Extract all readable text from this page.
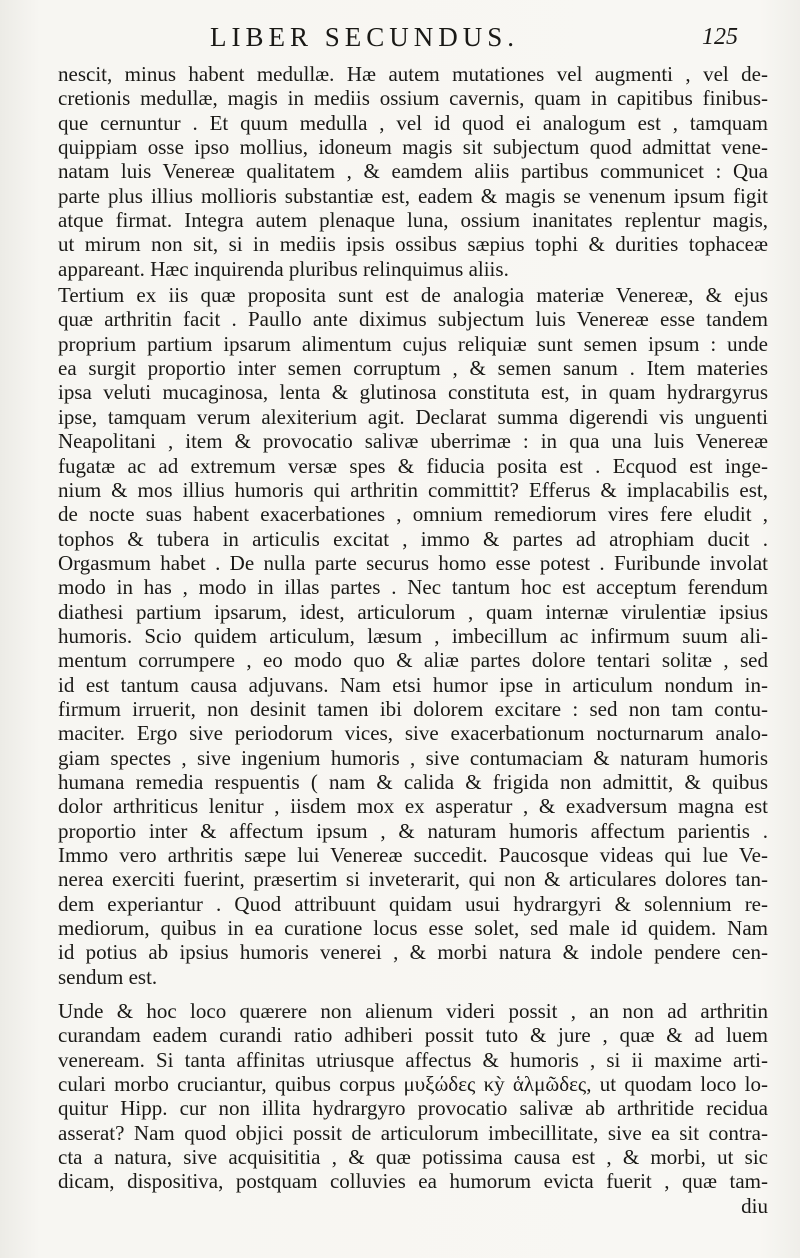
LIBER SECUNDUS.	125
nescit, minus habent medullæ. Hæ autem mutationes vel augmenti , vel de-
cretionis medullæ, magis in mediis ossium cavernis, quam in capitibus finibus-
que cernuntur . Et quum medulla , vel id quod ei analogum est , tamquam
quippiam osse ipso mollius, idoneum magis sit subjectum quod admittat vene-
natam luis Venereæ qualitatem , & eamdem aliis partibus communicet : Qua
parte plus illius mollioris substantiæ est, eadem & magis se venenum ipsum figit
atque firmat. Integra autem plenaque luna, ossium inanitates replentur magis,
ut mirum non sit, si in mediis ipsis ossibus sæpius tophi & durities tophaceæ
appareant. Hæc inquirenda pluribus relinquimus aliis.
Tertium ex iis quæ proposita sunt est de analogia materiæ Venereæ, & ejus
quæ arthritin facit . Paullo ante diximus subjectum luis Venereæ esse tandem
proprium partium ipsarum alimentum cujus reliquiæ sunt semen ipsum : unde
ea surgit proportio inter semen corruptum , & semen sanum . Item materies
ipsa veluti mucaginosa, lenta & glutinosa constituta est, in quam hydrargyrus
ipse, tamquam verum alexiterium agit. Declarat summa digerendi vis unguenti
Neapolitani , item & provocatio salivæ uberrimæ : in qua una luis Venereæ
fugatæ ac ad extremum versæ spes & fiducia posita est . Ecquod est inge-
nium & mos illius humoris qui arthritin committit? Efferus & implacabilis est,
de nocte suas habent exacerbationes , omnium remediorum vires fere eludit ,
tophos & tubera in articulis excitat , immo & partes ad atrophiam ducit .
Orgasmum habet . De nulla parte securus homo esse potest . Furibunde involat
modo in has , modo in illas partes . Nec tantum hoc est acceptum ferendum
diathesi partium ipsarum, idest, articulorum , quam internæ virulentiæ ipsius
humoris. Scio quidem articulum, læsum , imbecillum ac infirmum suum ali-
mentum corrumpere , eo modo quo & aliæ partes dolore tentari solitæ , sed
id est tantum causa adjuvans. Nam etsi humor ipse in articulum nondum in-
firmum irruerit, non desinit tamen ibi dolorem excitare : sed non tam contu-
maciter. Ergo sive periodorum vices, sive exacerbationum nocturnarum analo-
giam spectes , sive ingenium humoris , sive contumaciam & naturam humoris
humana remedia respuentis ( nam & calida & frigida non admittit, & quibus
dolor arthriticus lenitur , iisdem mox ex asperatur , & exadversum magna est
proportio inter & affectum ipsum , & naturam humoris affectum parientis .
Immo vero arthritis sæpe lui Venereæ succedit. Paucosque videas qui lue Ve-
nerea exerciti fuerint, præsertim si inveterarit, qui non & articulares dolores tan-
dem experiantur . Quod attribuunt quidam usui hydrargyri & solennium re-
mediorum, quibus in ea curatione locus esse solet, sed male id quidem. Nam
id potius ab ipsius humoris venerei , & morbi natura & indole pendere cen-
sendum est.
Unde & hoc loco quærere non alienum videri possit , an non ad arthritin
curandam eadem curandi ratio adhiberi possit tuto & jure , quæ & ad luem
veneream. Si tanta affinitas utriusque affectus & humoris , si ii maxime arti-
culari morbo cruciantur, quibus corpus μυξώδες κỳ ἁλμῶδες, ut quodam loco lo-
quitur Hipp. cur non illita hydrargyro provocatio salivæ ab arthritide recidua
asserat? Nam quod objici possit de articulorum imbecillitate, sive ea sit contra-
cta a natura, sive acquisititia , & quæ potissima causa est , & morbi, ut sic
dicam, dispositiva, postquam colluvies ea humorum evicta fuerit , quæ tam-
diu
